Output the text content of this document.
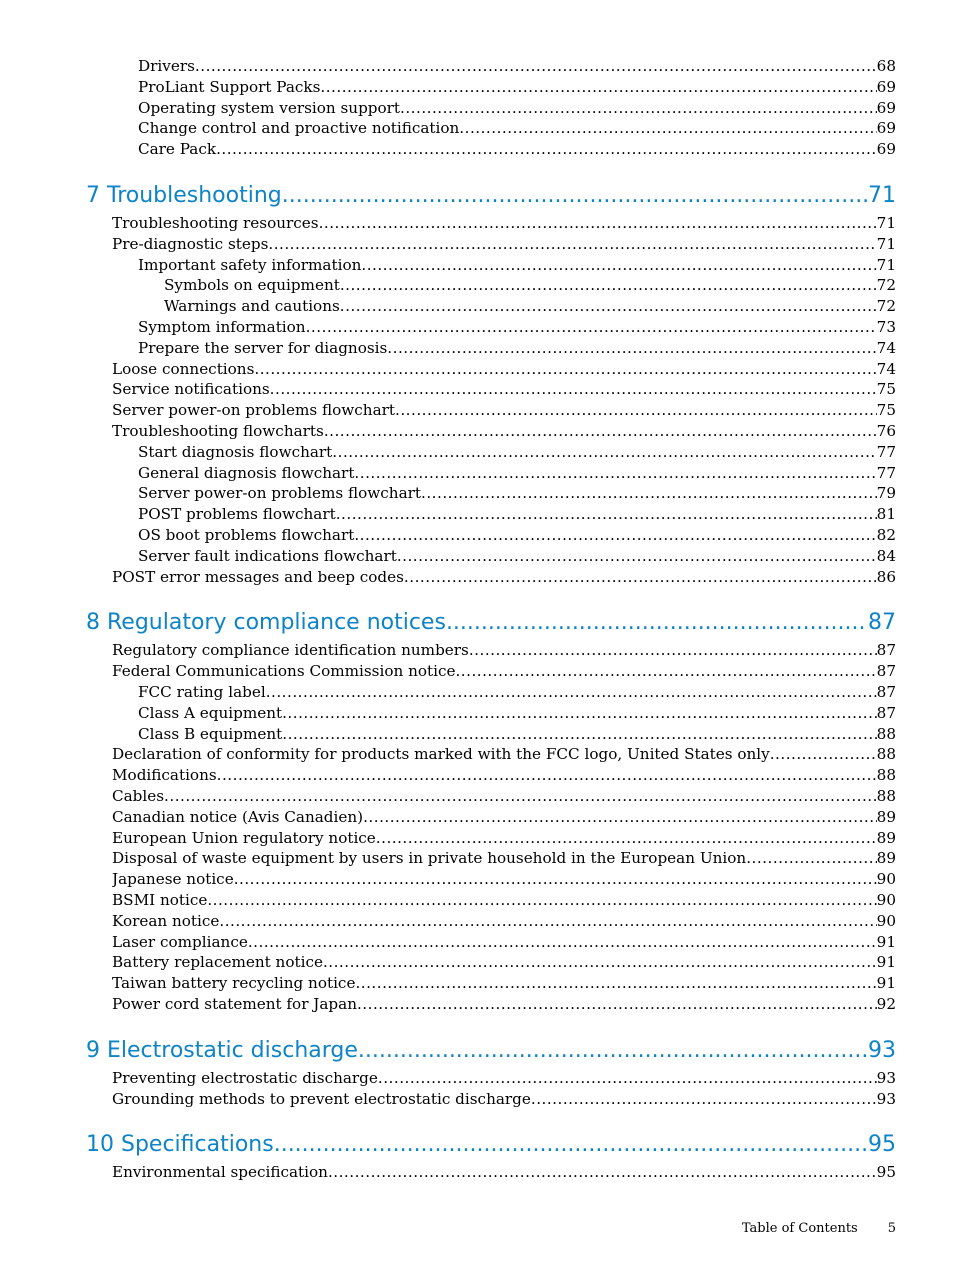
Drivers .....	68
ProLiant Support Packs .....	69
Operating system version support .....	69
Change control and proactive notification .....	69
Care Pack .....	69
7 Troubleshooting .....	71
Troubleshooting resources .....	71
Pre-diagnostic steps .....	71
Important safety information .....	71
Symbols on equipment .....	72
Warnings and cautions .....	72
Symptom information .....	73
Prepare the server for diagnosis .....	74
Loose connections .....	74
Service notifications .....	75
Server power-on problems flowchart .....	75
Troubleshooting flowcharts .....	76
Start diagnosis flowchart .....	77
General diagnosis flowchart .....	77
Server power-on problems flowchart .....	79
POST problems flowchart .....	81
OS boot problems flowchart .....	82
Server fault indications flowchart .....	84
POST error messages and beep codes .....	86
8 Regulatory compliance notices .....	87
Regulatory compliance identification numbers .....	87
Federal Communications Commission notice .....	87
FCC rating label .....	87
Class A equipment .....	87
Class B equipment .....	88
Declaration of conformity for products marked with the FCC logo, United States only .....	88
Modifications .....	88
Cables .....	88
Canadian notice (Avis Canadien) .....	89
European Union regulatory notice .....	89
Disposal of waste equipment by users in private household in the European Union .....	89
Japanese notice .....	90
BSMI notice .....	90
Korean notice .....	90
Laser compliance .....	91
Battery replacement notice .....	91
Taiwan battery recycling notice .....	91
Power cord statement for Japan .....	92
9 Electrostatic discharge .....	93
Preventing electrostatic discharge .....	93
Grounding methods to prevent electrostatic discharge .....	93
10 Specifications .....	95
Environmental specification .....	95
Table of Contents 5
